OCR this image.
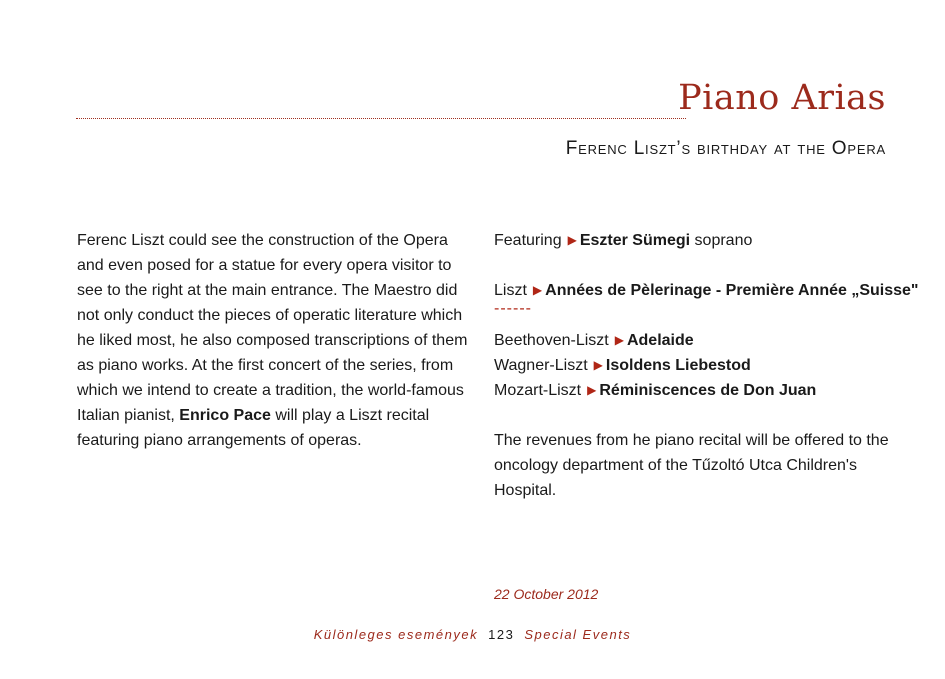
Piano Arias
Ferenc Liszt’s birthday at the Opera
Ferenc Liszt could see the construction of the Opera and even posed for a statue for every opera visitor to see to the right at the main entrance. The Maestro did not only conduct the pieces of operatic literature which he liked most, he also composed transcriptions of them as piano works. At the first concert of the series, from which we intend to create a tradition, the world-famous Italian pianist, Enrico Pace will play a Liszt recital featuring piano arrangements of operas.
Featuring ▶ Eszter Sümegi soprano
Liszt ▶ Années de Pèlerinage - Première Année „Suisse"
------
Beethoven-Liszt ▶ Adelaide
Wagner-Liszt ▶ Isoldens Liebestod
Mozart-Liszt ▶ Réminiscences de Don Juan
The revenues from he piano recital will be offered to the oncology department of the Tűzoltó Utca Children's Hospital.
22 October 2012
Különleges események 123 Special Events
